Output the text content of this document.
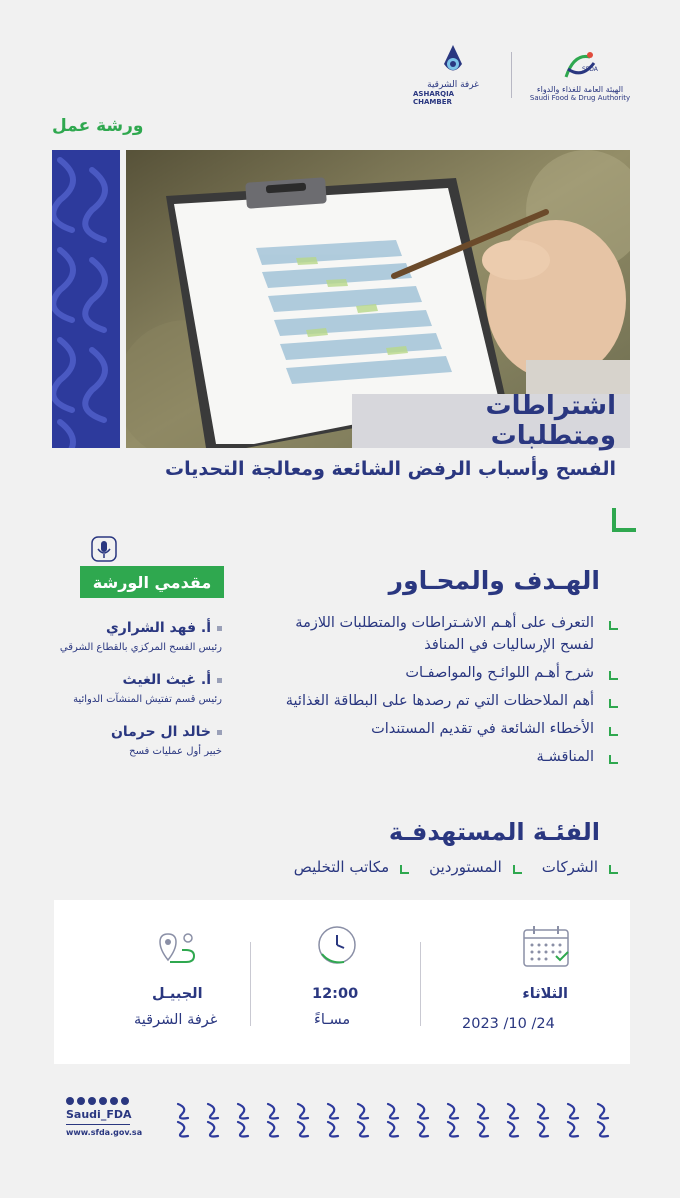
غرفة الشرقية
ASHARQIA CHAMBER
SFDA
الهيئة العامة للغذاء والدواء
Saudi Food & Drug Authority
ورشة عمل
اشتراطات ومتطلبات
الفسح وأسباب الرفض الشائعة ومعالجة التحديات
الهـدف والمحـاور
التعرف على أهـم الاشـتراطات والمتطلبات اللازمة لفسح الإرساليات في المنافذ
شرح أهـم اللوائـح والمواصفـات
أهم الملاحظات التي تم رصدها على البطاقة الغذائية
الأخطاء الشائعة في تقديم المستندات
المناقشـة
مقدمي الورشة
أ. فهد الشراري
رئيس الفسح المركزي بالقطاع الشرقي
أ. غيث الغيث
رئيس قسم تفتيش المنشآت الدوائية
خالد ال حرمان
خبير أول عمليات فسح
الفئـة المستهدفـة
مكاتب التخليص	المستوردين	الشركات
الثلاثاء
2023 /10 /24
12:00
مسـاءً
الجبيـل
غرفة الشرقية
Saudi_FDA
www.sfda.gov.sa
